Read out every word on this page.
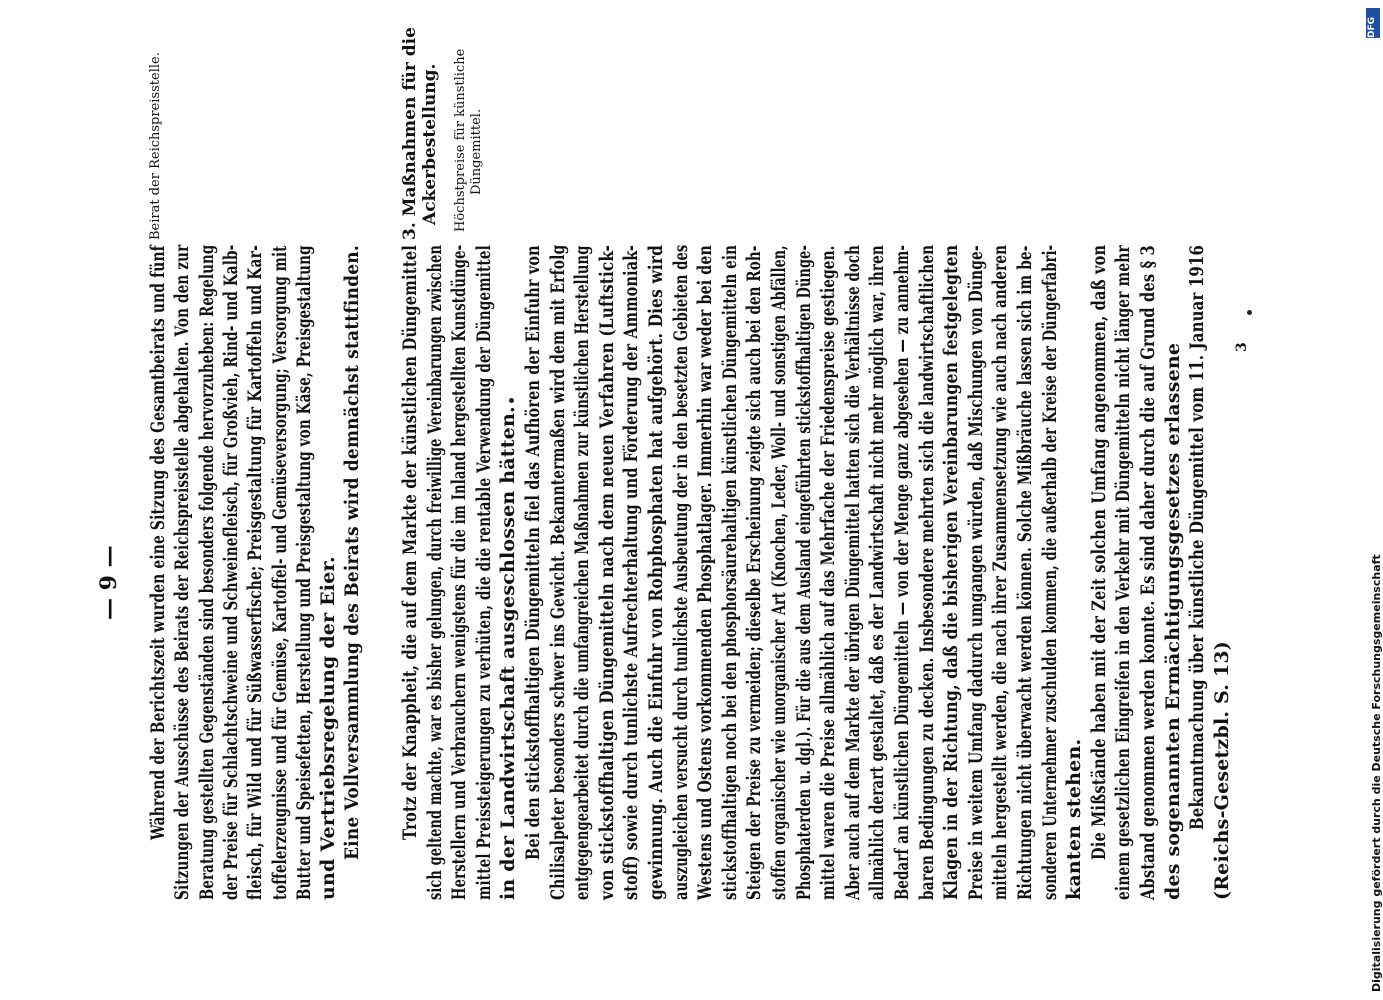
— 9 — Während der Berichtszeit wurden eine Sitzung des Gesamtbeirats und fünf Sitzungen der Ausschüsse des Beirats der Reichspreisstelle abgehalten. Von den zur Beratung gestellten Gegenständen sind besonders folgende hervorzuheben: Regelung der Preise für Schlachtschweine und Schweinefleisch, für Großvieh, Rind- und Kalb- fleisch, für Wild und für Süßwasserfische; Preisgestaltung für Kartoffeln und Kar- toffelerzeugnisse und für Gemüse, Kartoffel- und Gemüseversorgung; Versorgung mit Butter und Speisefetten, Herstellung und Preisgestaltung von Käse, Preisgestaltung und Vertriebsregelung der Eier. Eine Vollversammlung des Beirats wird demnächst stattfinden.
Beirat der Reichspreisstelle.
Trotz der Knappheit, die auf dem Markte der künstlichen Düngemittel sich geltend machte, war es bisher gelungen, durch freiwillige Vereinbarungen zwischen Herstellern und Verbrauchern wenigstens für die im Inland hergestellten Kunstdünge- mittel Preissteigerungen zu verhüten, die die rentable Verwendung der Düngemittel in der Landwirtschaft ausgeschlossen hätten. Bei den stickstoffhaltigen Düngemitteln fiel das Aufhören der Einfuhr von Chilisalpeter besonders schwer ins Gewicht. Bekanntermaßen wird dem mit Erfolg entgegengearbeitet durch die umfangreichen Maßnahmen zur künstlichen Herstellung von stickstoffhaltigen Düngemitteln nach dem neuen Verfahren (Luftstick- stoff) sowie durch tunlichste Aufrechterhaltung und Förderung der Ammoniak- gewinnung. Auch die Einfuhr von Rohphosphaten hat aufgehört. Dies wird auszugleichen versucht durch tunlichste Ausbeutung der in den besetzten Gebieten des Westens und Ostens vorkommenden Phosphatlager. Immerhin war weder bei den stickstoffhaltigen noch bei den phosphorsäurehaltigen künstlichen Düngemitteln ein Steigen der Preise zu vermeiden; dieselbe Erscheinung zeigte sich auch bei den Roh- stoffen organischer wie unorganischer Art (Knochen, Leder, Woll- und sonstigen Abfällen, Phosphaterden u. dgl.). Für die aus dem Ausland eingeführten stickstoffhaltigen Dünge- mittel waren die Preise allmählich auf das Mehrfache der Friedenspreise gestiegen. Aber auch auf dem Markte der übrigen Düngemittel hatten sich die Verhältnisse doch allmählich derart gestaltet, daß es der Landwirtschaft nicht mehr möglich war, ihren Bedarf an künstlichen Düngemitteln — von der Menge ganz abgesehen — zu annehm- baren Bedingungen zu decken. Insbesondere mehrten sich die landwirtschaftlichen Klagen in der Richtung, daß die bisherigen Vereinbarungen festgelegten Preise in weitem Umfang dadurch umgangen würden, daß Mischungen von Dünge- mitteln hergestellt werden, die nach ihrer Zusammensetzung wie auch nach anderen Richtungen nicht überwacht werden können. Solche Mißbräuche lassen sich im be- sonderen Unternehmer zuschulden kommen, die außerhalb der Kreise der Düngerfabri- kanten stehen. Die Mißstände haben mit der Zeit solchen Umfang angenommen, daß von einem gesetzlichen Eingreifen in den Verkehr mit Düngemitteln nicht länger mehr Abstand genommen werden konnte. Es sind daher durch die auf Grund des § 3 des sogenannten Ermächtigungsgesetzes erlassene Bekanntmachung über künstliche Düngemittel vom 11. Januar 1916 (Reichs-Gesetzbl. S. 13)
3. Maßnahmen für die Ackerbestellung. Höchstpreise für künstliche Düngemittel.
3
Digitalisierung gefördert durch die Deutsche Forschungsgemeinschaft
DFG
